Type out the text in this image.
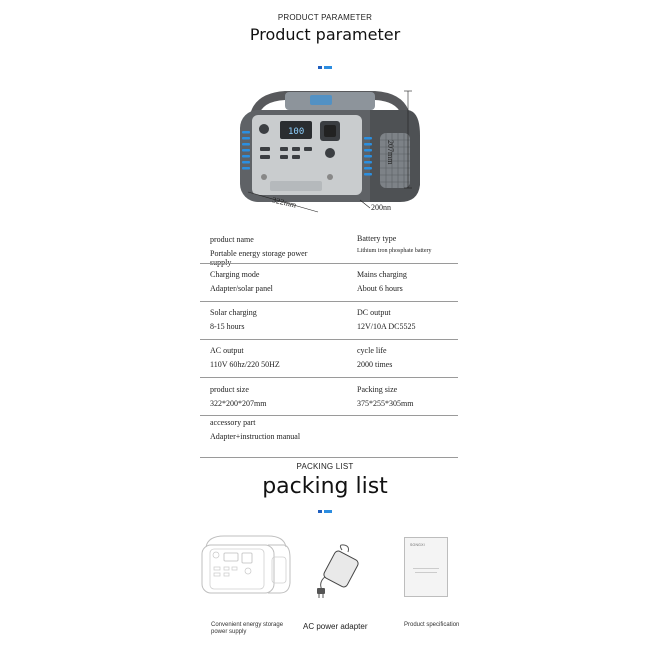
PRODUCT PARAMETER
Product parameter
100
322mm	200nn
207mm
product name
Portable energy storage power
Battery type
Lithium iron phosphate battery
Charging mode
Adapter/solar panel
Mains charging
About 6 hours
Solar charging
8-15 hours
DC output
12V/10A DC5525
AC output
110V 60hz/220 50HZ
cycle life
2000 times
product size
322*200*207mm
Packing size
375*255*305mm
accessory part
Adapter+instruction manual
PACKING LIST
packing list
Convenient energy storage power supply
AC power adapter
SONGXI
Product specification
